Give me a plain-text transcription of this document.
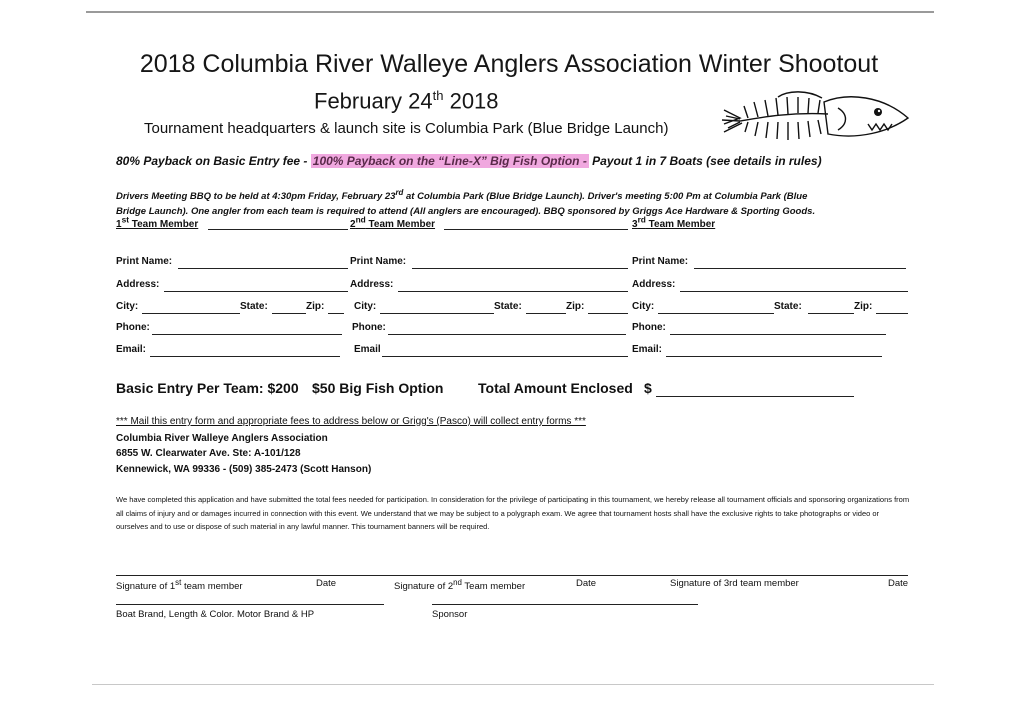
2018 Columbia River Walleye Anglers Association Winter Shootout
February 24th 2018
Tournament headquarters & launch site is Columbia Park (Blue Bridge Launch)
80% Payback on Basic Entry fee - 100% Payback on the “Line-X” Big Fish Option - Payout 1 in 7 Boats (see details in rules)
Drivers Meeting BBQ to be held at 4:30pm Friday, February 23rd at Columbia Park (Blue Bridge Launch). Driver's meeting 5:00 Pm at Columbia Park (Blue
Bridge Launch). One angler from each team is required to attend (All anglers are encouraged). BBQ sponsored by Griggs Ace Hardware & Sporting Goods.
1st Team Member	2nd Team Member	3rd Team Member
Print Name:	Print Name:	Print Name:
Address:	Address:	Address:
City:	State:	Zip:	City:	State:	Zip:	City:	State:	Zip:
Phone:	Phone:	Phone:
Email:	Email	Email:
Basic Entry Per Team: $200 $50 Big Fish Option Total Amount Enclosed $
*** Mail this entry form and appropriate fees to address below or Grigg's (Pasco) will collect entry forms ***
Columbia River Walleye Anglers Association
6855 W. Clearwater Ave. Ste: A-101/128
Kennewick, WA 99336 - (509) 385-2473 (Scott Hanson)
We have completed this application and have submitted the total fees needed for participation. In consideration for the privilege of participating in this tournament, we hereby release all tournament officials and sponsoring organizations from all claims of injury and or damages incurred in connection with this event. We understand that we may be subject to a polygraph exam. We agree that tournament hosts shall have the exclusive rights to take photographs or video or ourselves and to use or dispose of such material in any lawful manner. This tournament banners will be required.
Signature of 1st team member	Date	Signature of 2nd Team member	Date	Signature of 3rd team member	Date
Boat Brand, Length & Color. Motor Brand & HP	Sponsor
